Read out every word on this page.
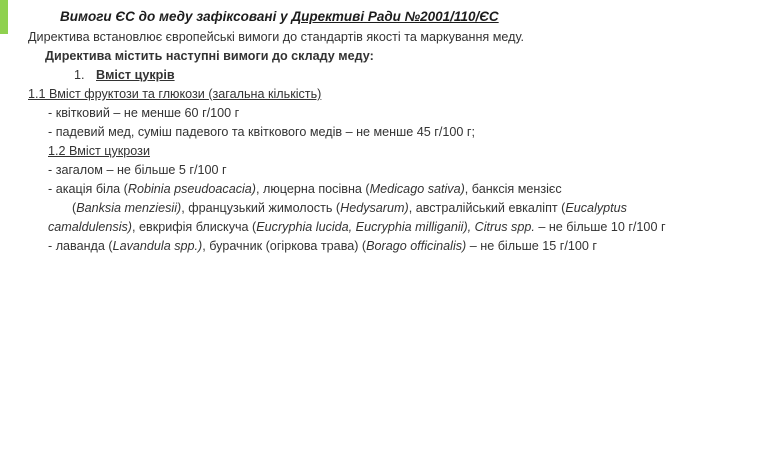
Вимоги ЄС до меду зафіксовані у Директиві Ради №2001/110/ЄС

Директива встановлює європейські вимоги до стандартів якості та маркування меду.

Директива містить наступні вимоги до складу меду:

1. Вміст цукрів

1.1 Вміст фруктози та глюкози (загальна кількість)

- квітковий – не менше 60 г/100 г

- падевий мед, суміш падевого та квіткового медів – не менше 45 г/100 г;

1.2 Вміст цукрози

- загалом – не більше 5 г/100 г

- акація біла (Robinia pseudoacacia), люцерна посівна (Medicago sativa), банксія мензієс

(Banksia menziesii), французький жимолость (Hedysarum), австралійський евкаліпт (Eucalyptus
camaldulensis), евкрифія блискуча (Eucryphia lucida, Eucryphia milliganii), Citrus spp. – не більше 10 г/100 г

- лаванда (Lavandula spp.), бурачник (огіркова трава) (Borago officinalis) – не більше 15 г/100 г
